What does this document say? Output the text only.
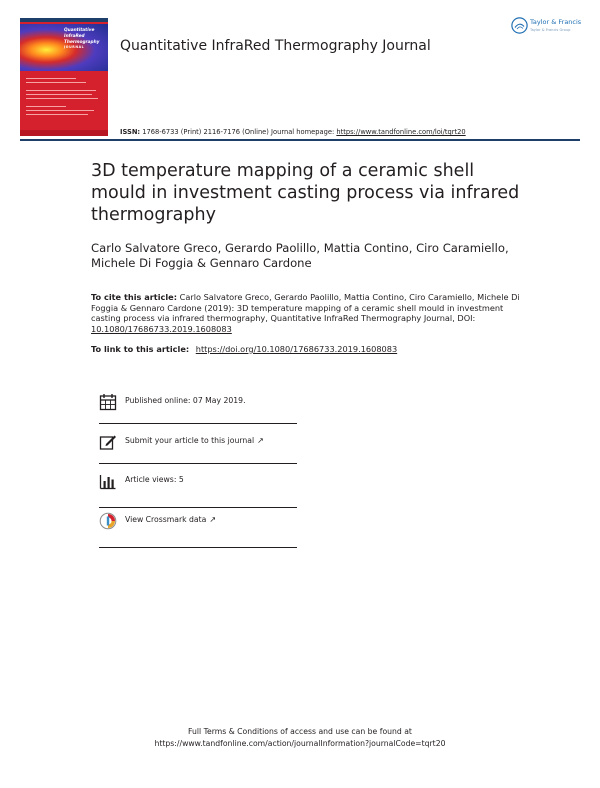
Quantitative
InfraRed
Thermography
JOURNAL	Quantitative InfraRed Thermography Journal
ISSN: 1768-6733 (Print) 2116-7176 (Online) Journal homepage: https://www.tandfonline.com/loi/tqrt20
Taylor & Francis
Taylor & Francis Group
3D temperature mapping of a ceramic shell mould in investment casting process via infrared thermography
Carlo Salvatore Greco, Gerardo Paolillo, Mattia Contino, Ciro Caramiello, Michele Di Foggia & Gennaro Cardone
To cite this article: Carlo Salvatore Greco, Gerardo Paolillo, Mattia Contino, Ciro Caramiello, Michele Di Foggia & Gennaro Cardone (2019): 3D temperature mapping of a ceramic shell mould in investment casting process via infrared thermography, Quantitative InfraRed Thermography Journal, DOI: 10.1080/17686733.2019.1608083
To link to this article: https://doi.org/10.1080/17686733.2019.1608083
Published online: 07 May 2019.
Submit your article to this journal ↗
Article views: 5
View Crossmark data ↗
Full Terms & Conditions of access and use can be found at
https://www.tandfonline.com/action/journalInformation?journalCode=tqrt20
